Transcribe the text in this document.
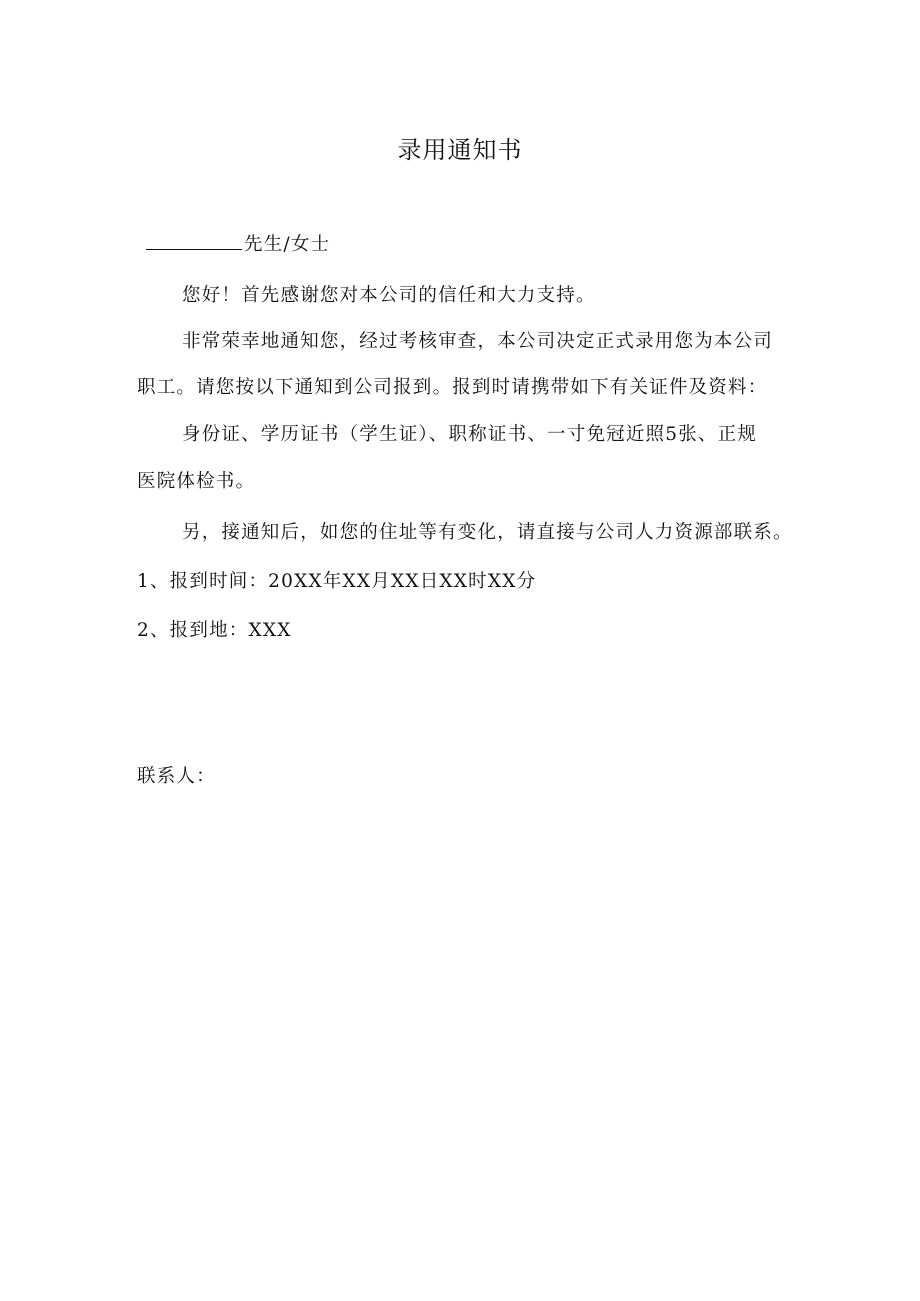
录用通知书
先生/女士
您好！首先感谢您对本公司的信任和大力支持。
非常荣幸地通知您，经过考核审查，本公司决定正式录用您为本公司
职工。请您按以下通知到公司报到。报到时请携带如下有关证件及资料：
身份证、学历证书（学生证）、职称证书、一寸免冠近照5张、正规
医院体检书。
另，接通知后，如您的住址等有变化，请直接与公司人力资源部联系。
1、报到时间：20XX年XX月XX日XX时XX分
2、报到地：XXX
联系人：
